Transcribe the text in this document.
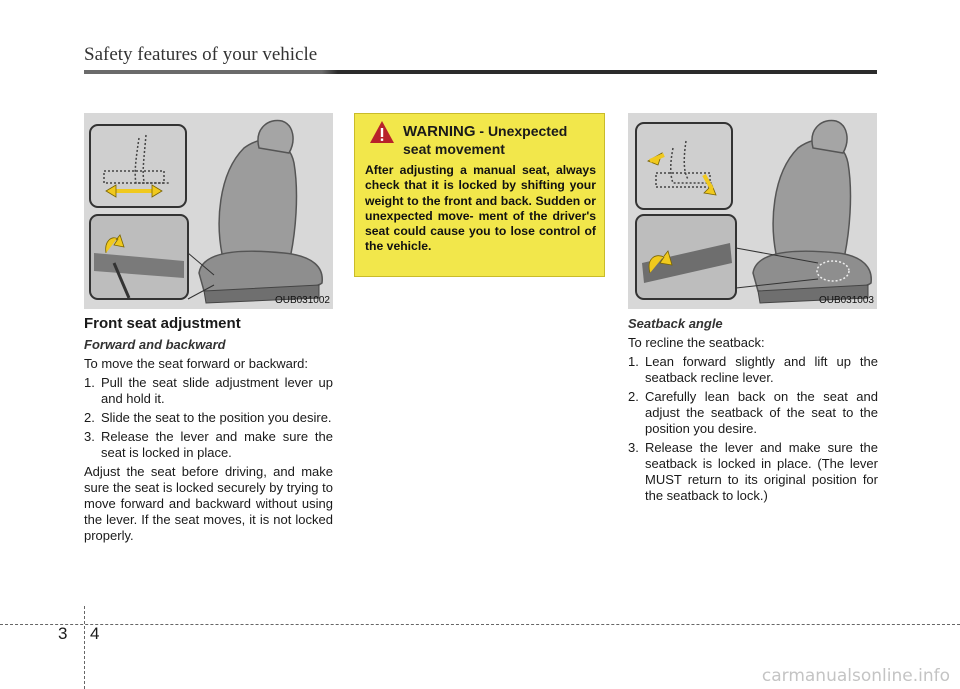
Safety features of your vehicle
OUB031002
WARNING - Unexpected
seat movement
After adjusting a manual seat, always check that it is locked by shifting your weight to the front and back. Sudden or unexpected move- ment of the driver's seat could cause you to lose control of the vehicle.
OUB031003
Front seat adjustment
Forward and backward
To move the seat forward or backward:
1. Pull the seat slide adjustment lever up and hold it.
2. Slide the seat to the position you desire.
3. Release the lever and make sure the seat is locked in place.
Adjust the seat before driving, and make sure the seat is locked securely by trying to move forward and backward without using the lever. If the seat moves, it is not locked properly.
Seatback angle
To recline the seatback:
1. Lean forward slightly and lift up the seatback recline lever.
2. Carefully lean back on the seat and adjust the seatback of the seat to the position you desire.
3. Release the lever and make sure the seatback is locked in place. (The lever MUST return to its original position for the seatback to lock.)
3 4
carmanualsonline.info
